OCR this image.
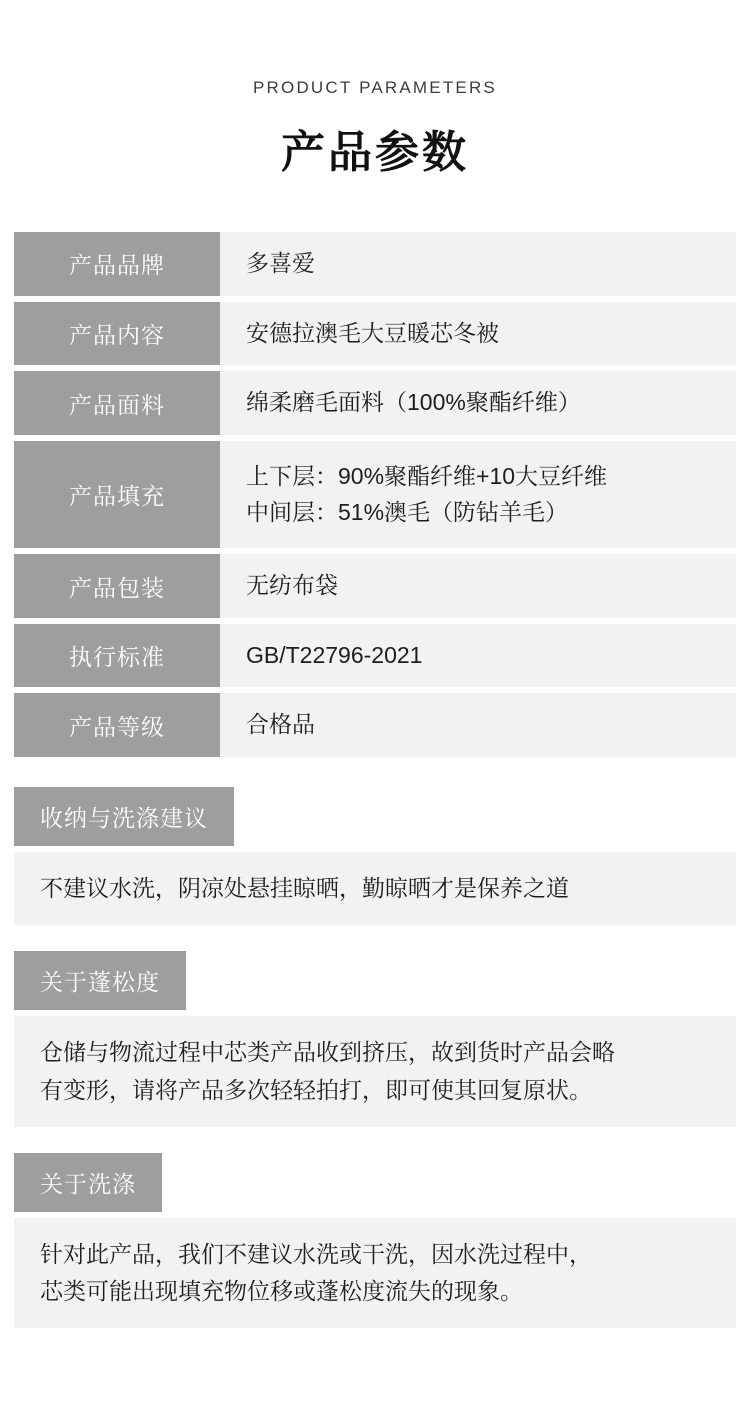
PRODUCT PARAMETERS
产品参数
产品品牌	多喜爱
产品内容	安德拉澳毛大豆暖芯冬被
产品面料	绵柔磨毛面料（100%聚酯纤维）
产品填充
上下层：90%聚酯纤维+10大豆纤维
中间层：51%澳毛（防钻羊毛）
产品包装	无纺布袋
执行标准	GB/T22796-2021
产品等级	合格品
收纳与洗涤建议
不建议水洗，阴凉处悬挂晾晒，勤晾晒才是保养之道
关于蓬松度
仓储与物流过程中芯类产品收到挤压，故到货时产品会略
有变形，请将产品多次轻轻拍打，即可使其回复原状。
关于洗涤
针对此产品，我们不建议水洗或干洗，因水洗过程中，
芯类可能出现填充物位移或蓬松度流失的现象。
